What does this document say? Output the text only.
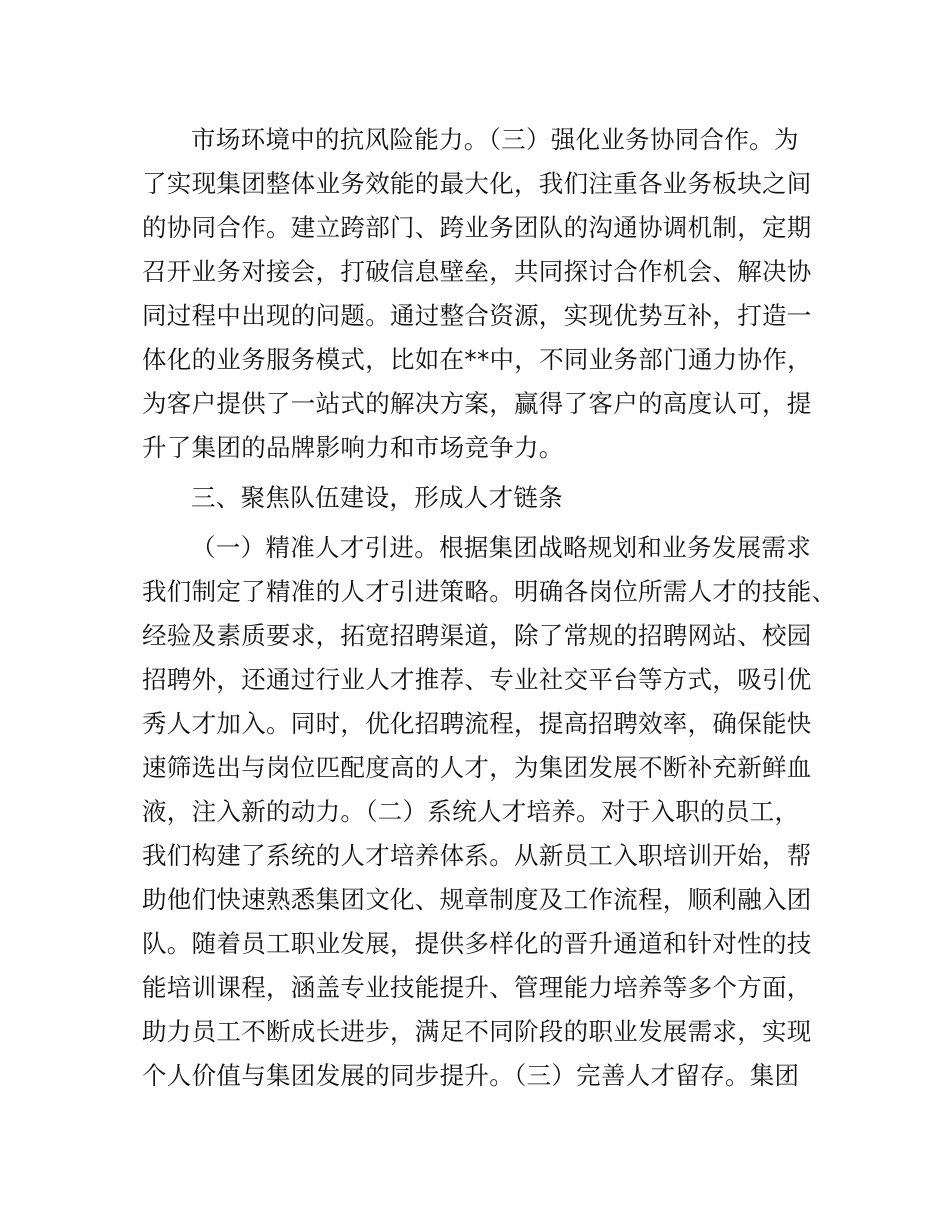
市场环境中的抗风险能力。（三）强化业务协同合作。为
了实现集团整体业务效能的最大化，我们注重各业务板块之间
的协同合作。建立跨部门、跨业务团队的沟通协调机制，定期
召开业务对接会，打破信息壁垒，共同探讨合作机会、解决协
同过程中出现的问题。通过整合资源，实现优势互补，打造一
体化的业务服务模式，比如在**中，不同业务部门通力协作，
为客户提供了一站式的解决方案，赢得了客户的高度认可，提
升了集团的品牌影响力和市场竞争力。
三、聚焦队伍建设，形成人才链条
（一）精准人才引进。根据集团战略规划和业务发展需求
我们制定了精准的人才引进策略。明确各岗位所需人才的技能、
经验及素质要求，拓宽招聘渠道，除了常规的招聘网站、校园
招聘外，还通过行业人才推荐、专业社交平台等方式，吸引优
秀人才加入。同时，优化招聘流程，提高招聘效率，确保能快
速筛选出与岗位匹配度高的人才，为集团发展不断补充新鲜血
液，注入新的动力。（二）系统人才培养。对于入职的员工，
我们构建了系统的人才培养体系。从新员工入职培训开始，帮
助他们快速熟悉集团文化、规章制度及工作流程，顺利融入团
队。随着员工职业发展，提供多样化的晋升通道和针对性的技
能培训课程，涵盖专业技能提升、管理能力培养等多个方面，
助力员工不断成长进步，满足不同阶段的职业发展需求，实现
个人价值与集团发展的同步提升。（三）完善人才留存。集团
